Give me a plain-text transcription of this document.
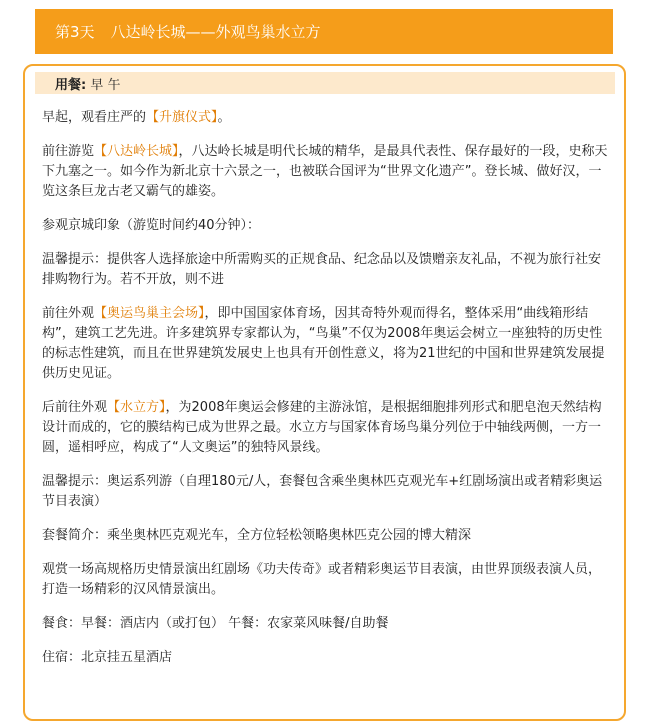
第3天 八达岭长城——外观鸟巢水立方
用餐:
早 午

早起，观看庄严的【升旗仪式】。

前往游览【八达岭长城】，八达岭长城是明代长城的精华，是最具代表性、保存最好的一段，史称天下九塞之一。如今作为新北京十六景之一，也被联合国评为“世界文化遗产”。登长城、做好汉，一览这条巨龙古老又霸气的雄姿。

参观京城印象（游览时间约40分钟）：

温馨提示：提供客人选择旅途中所需购买的正规食品、纪念品以及馈赠亲友礼品，不视为旅行社安排购物行为。若不开放，则不进

前往外观【奥运鸟巢主会场】，即中国国家体育场，因其奇特外观而得名，整体采用“曲线箱形结构”，建筑工艺先进。许多建筑界专家都认为，“鸟巢”不仅为2008年奥运会树立一座独特的历史性的标志性建筑，而且在世界建筑发展史上也具有开创性意义，将为21世纪的中国和世界建筑发展提供历史见证。

后前往外观【水立方】，为2008年奥运会修建的主游泳馆，是根据细胞排列形式和肥皂泡天然结构设计而成的，它的膜结构已成为世界之最。水立方与国家体育场鸟巢分列位于中轴线两侧，一方一圆，遥相呼应，构成了“人文奥运”的独特风景线。

温馨提示：奥运系列游（自理180元/人，套餐包含乘坐奥林匹克观光车+红剧场演出或者精彩奥运节目表演）

套餐简介：乘坐奥林匹克观光车，全方位轻松领略奥林匹克公园的博大精深

观赏一场高规格历史情景演出红剧场《功夫传奇》或者精彩奥运节目表演，由世界顶级表演人员，打造一场精彩的汉风情景演出。

餐食：早餐：酒店内（或打包） 午餐：农家菜风味餐/自助餐

住宿：北京挂五星酒店
